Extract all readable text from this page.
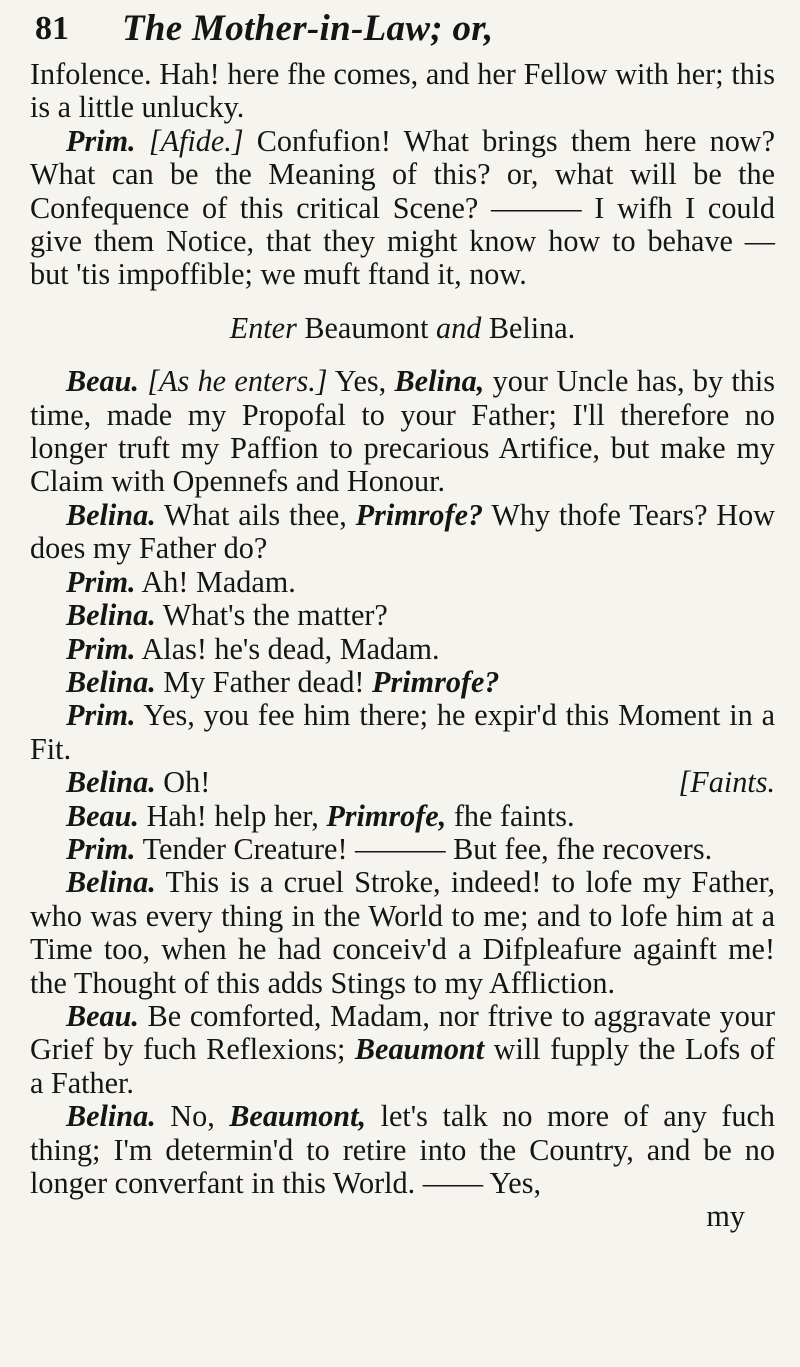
81 The Mother-in-Law; or,

Infolence. Hah! here fhe comes, and her Fellow with her; this is a little unlucky.

Prim. [Afide.] Confufion! What brings them here now? What can be the Meaning of this? or, what will be the Confequence of this critical Scene? ——— I wifh I could give them Notice, that they might know how to behave — but 'tis impoffible; we muft ftand it, now.

Enter Beaumont and Belina.

Beau. [As he enters.] Yes, Belina, your Uncle has, by this time, made my Propofal to your Father; I'll therefore no longer truft my Paffion to precarious Artifice, but make my Claim with Opennefs and Honour.

Belina. What ails thee, Primrofe? Why thofe Tears? How does my Father do?

Prim. Ah! Madam.

Belina. What's the matter?

Prim. Alas! he's dead, Madam.

Belina. My Father dead! Primrofe?

Prim. Yes, you fee him there; he expir'd this Moment in a Fit.

Belina. Oh!	[Faints.

Beau. Hah! help her, Primrofe, fhe faints.

Prim. Tender Creature! ——— But fee, fhe recovers.

Belina. This is a cruel Stroke, indeed! to lofe my Father, who was every thing in the World to me; and to lofe him at a Time too, when he had conceiv'd a Difpleafure againft me! the Thought of this adds Stings to my Affliction.

Beau. Be comforted, Madam, nor ftrive to aggravate your Grief by fuch Reflexions; Beaumont will fupply the Lofs of a Father.

Belina. No, Beaumont, let's talk no more of any fuch thing; I'm determin'd to retire into the Country, and be no longer converfant in this World. —— Yes,

my
